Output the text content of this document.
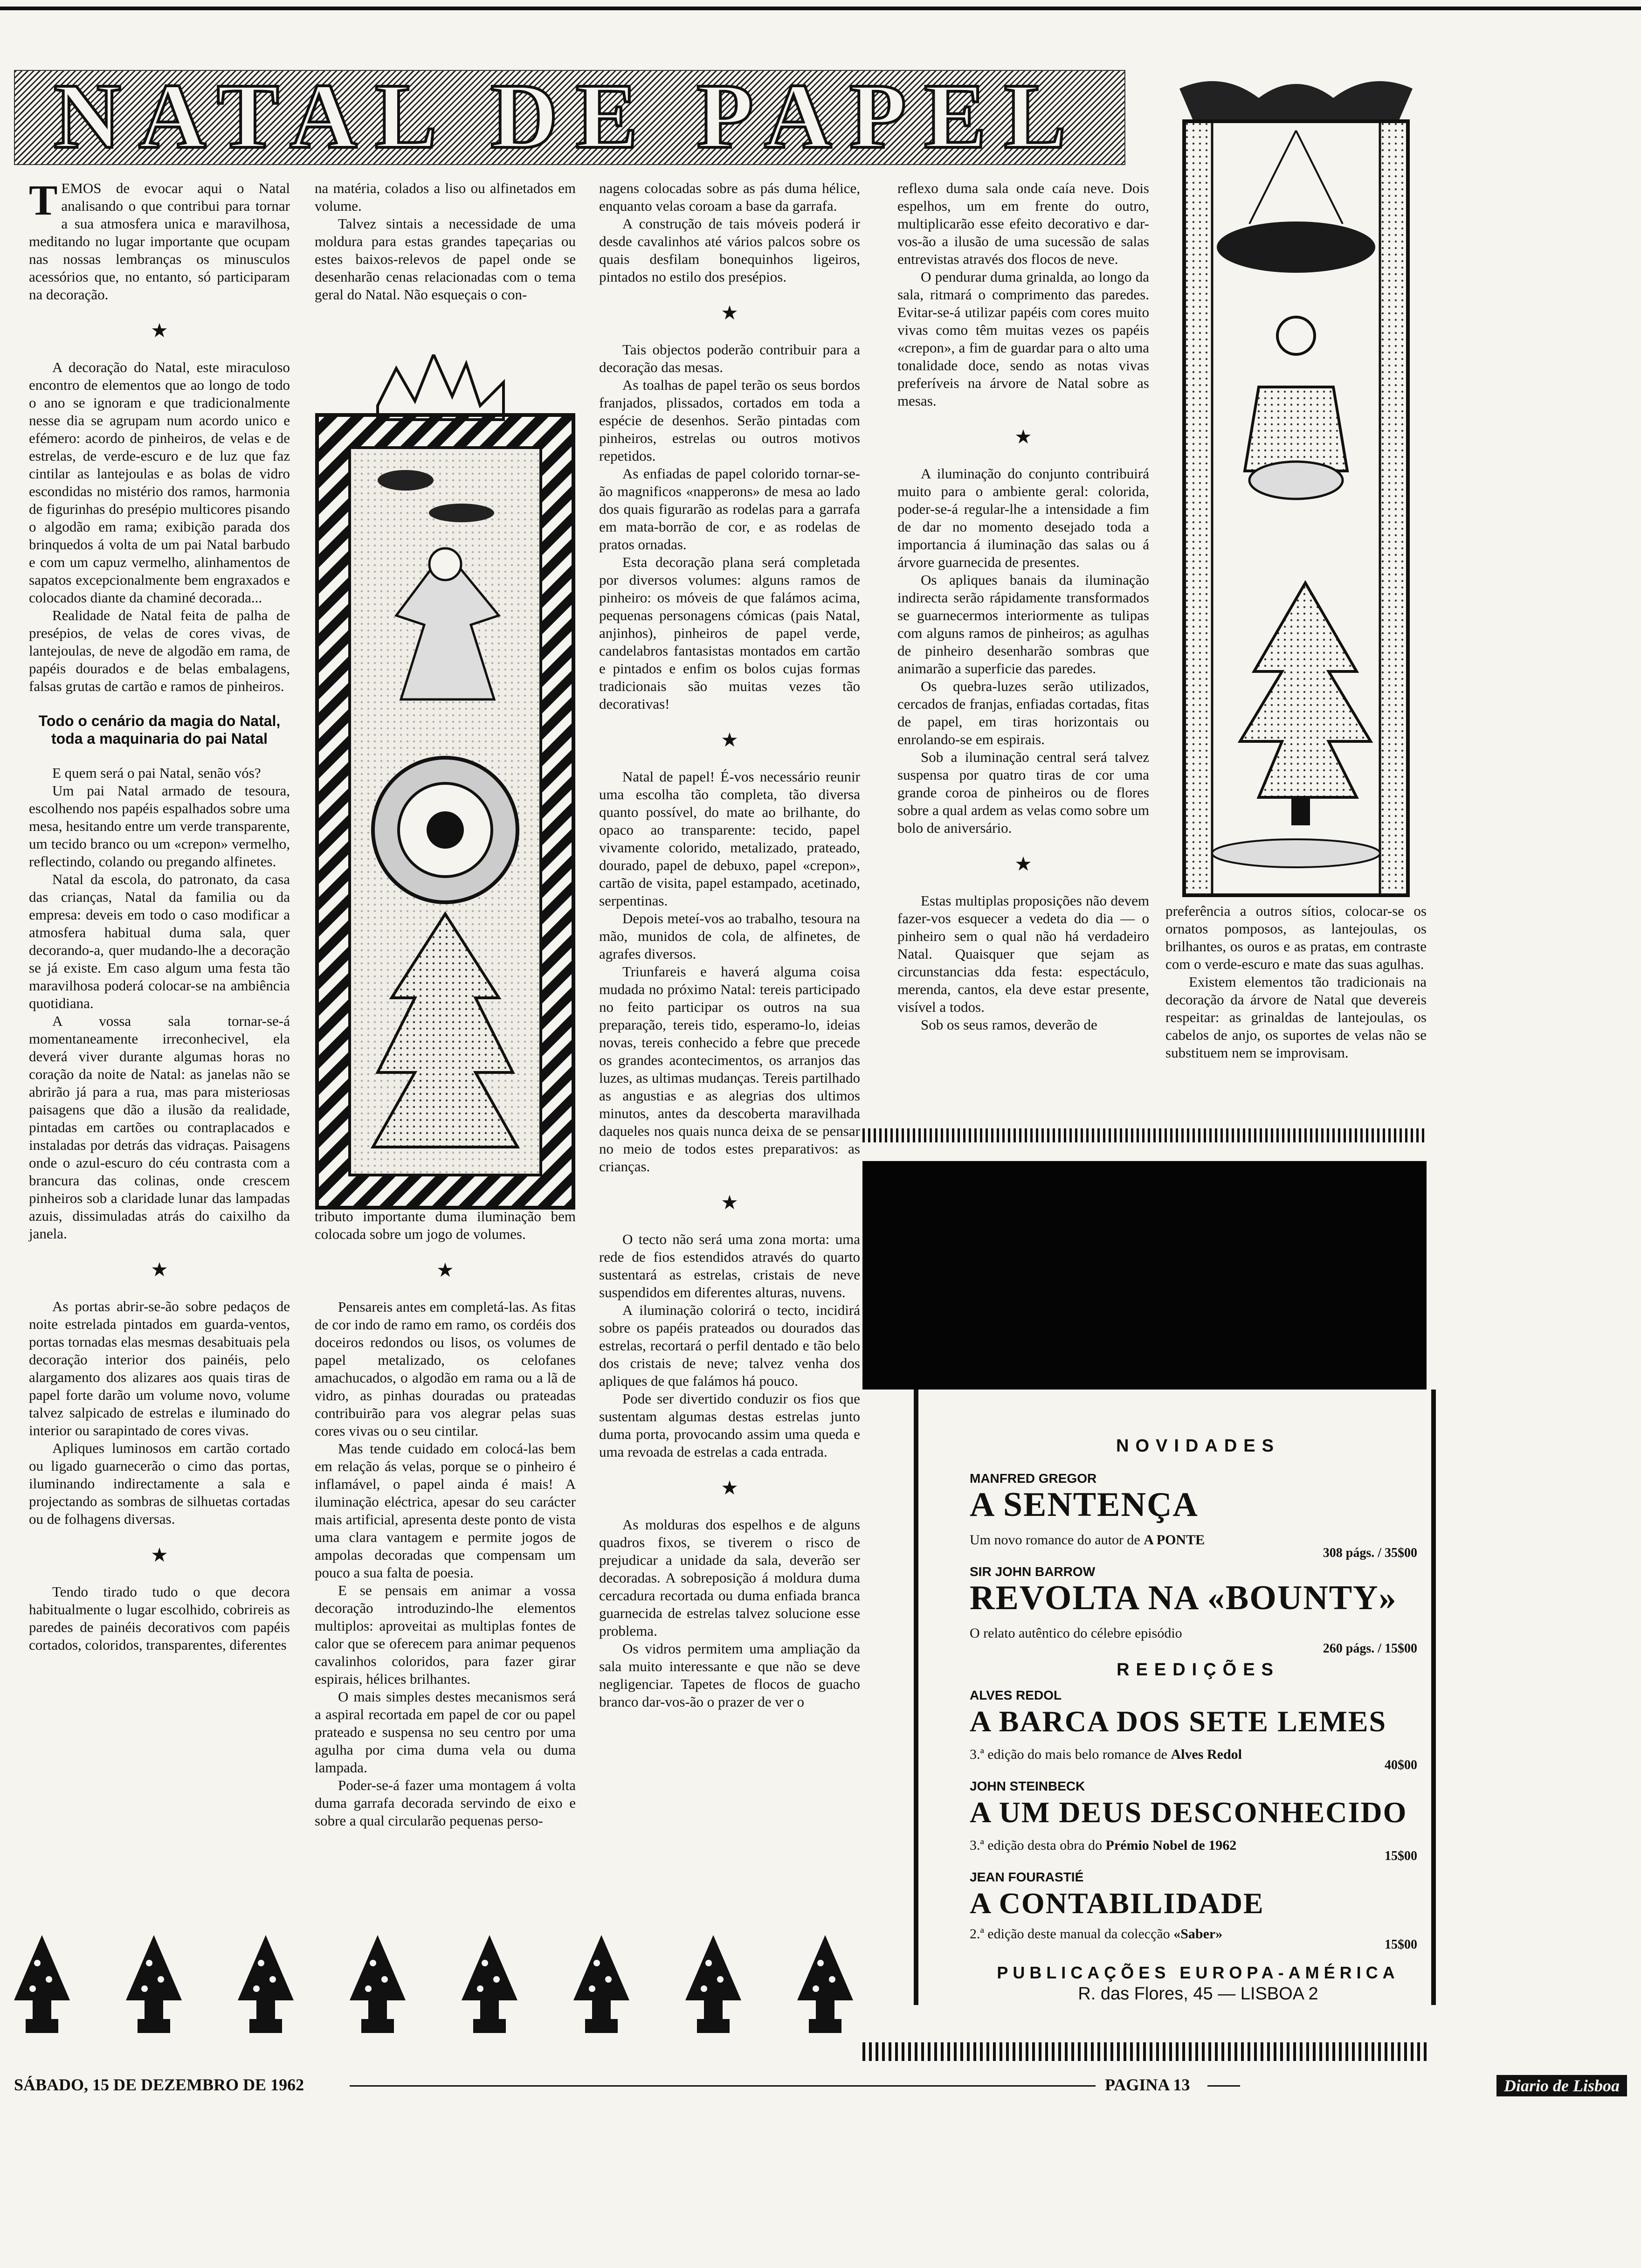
NATAL DE PAPEL

TEMOS de evocar aqui o Natal analisando o que contribui para tornar a sua atmosfera unica e maravilhosa, meditando no lugar importante que ocupam nas nossas lembranças os minusculos acessórios que, no entanto, só participaram na decoração.

★

A decoração do Natal, este miraculoso encontro de elementos que ao longo de todo o ano se ignoram e que tradicionalmente nesse dia se agrupam num acordo unico e efémero: acordo de pinheiros, de velas e de estrelas, de verde-escuro e de luz que faz cintilar as lantejoulas e as bolas de vidro escondidas no mistério dos ramos, harmonia de figurinhas do presépio multicores pisando o algodão em rama; exibição parada dos brinquedos á volta de um pai Natal barbudo e com um capuz vermelho, alinhamentos de sapatos excepcionalmente bem engraxados e colocados diante da chaminé decorada...

Realidade de Natal feita de palha de presépios, de velas de cores vivas, de lantejoulas, de neve de algodão em rama, de papéis dourados e de belas embalagens, falsas grutas de cartão e ramos de pinheiros.

Todo o cenário da magia do Natal, toda a maquinaria do pai Natal

E quem será o pai Natal, senão vós?

Um pai Natal armado de tesoura, escolhendo nos papéis espalhados sobre uma mesa, hesitando entre um verde transparente, um tecido branco ou um «crepon» vermelho, reflectindo, colando ou pregando alfinetes.

Natal da escola, do patronato, da casa das crianças, Natal da familia ou da empresa: deveis em todo o caso modificar a atmosfera habitual duma sala, quer decorando-a, quer mudando-lhe a decoração se já existe. Em caso algum uma festa tão maravilhosa poderá colocar-se na ambiência quotidiana.

A vossa sala tornar-se-á momentaneamente irreconhecivel, ela deverá viver durante algumas horas no coração da noite de Natal: as janelas não se abrirão já para a rua, mas para misteriosas paisagens que dão a ilusão da realidade, pintadas em cartões ou contraplacados e instaladas por detrás das vidraças. Paisagens onde o azul-escuro do céu contrasta com a brancura das colinas, onde crescem pinheiros sob a claridade lunar das lampadas azuis, dissimuladas atrás do caixilho da janela.

★

As portas abrir-se-ão sobre pedaços de noite estrelada pintados em guarda-ventos, portas tornadas elas mesmas desabituais pela decoração interior dos painéis, pelo alargamento dos alizares aos quais tiras de papel forte darão um volume novo, volume talvez salpicado de estrelas e iluminado do interior ou sarapintado de cores vivas.

Apliques luminosos em cartão cortado ou ligado guarnecerão o cimo das portas, iluminando indirectamente a sala e projectando as sombras de silhuetas cortadas ou de folhagens diversas.

★

Tendo tirado tudo o que decora habitualmente o lugar escolhido, cobrireis as paredes de painéis decorativos com papéis cortados, coloridos, transparentes, diferentes

na matéria, colados a liso ou alfinetados em volume.

Talvez sintais a necessidade de uma moldura para estas grandes tapeçarias ou estes baixos-relevos de papel onde se desenharão cenas relacionadas com o tema geral do Natal. Não esqueçais o con-

tributo importante duma iluminação bem colocada sobre um jogo de volumes.

★

Pensareis antes em completá-las. As fitas de cor indo de ramo em ramo, os cordéis dos doceiros redondos ou lisos, os volumes de papel metalizado, os celofanes amachucados, o algodão em rama ou a lã de vidro, as pinhas douradas ou prateadas contribuirão para vos alegrar pelas suas cores vivas ou o seu cintilar.

Mas tende cuidado em colocá-las bem em relação ás velas, porque se o pinheiro é inflamável, o papel ainda é mais! A iluminação eléctrica, apesar do seu carácter mais artificial, apresenta deste ponto de vista uma clara vantagem e permite jogos de ampolas decoradas que compensam um pouco a sua falta de poesia.

E se pensais em animar a vossa decoração introduzindo-lhe elementos multiplos: aproveitai as multiplas fontes de calor que se oferecem para animar pequenos cavalinhos coloridos, para fazer girar espirais, hélices brilhantes.

O mais simples destes mecanismos será a aspiral recortada em papel de cor ou papel prateado e suspensa no seu centro por uma agulha por cima duma vela ou duma lampada.

Poder-se-á fazer uma montagem á volta duma garrafa decorada servindo de eixo e sobre a qual circularão pequenas perso-

nagens colocadas sobre as pás duma hélice, enquanto velas coroam a base da garrafa.

A construção de tais móveis poderá ir desde cavalinhos até vários palcos sobre os quais desfilam bonequinhos ligeiros, pintados no estilo dos presépios.

★

Tais objectos poderão contribuir para a decoração das mesas.

As toalhas de papel terão os seus bordos franjados, plissados, cortados em toda a espécie de desenhos. Serão pintadas com pinheiros, estrelas ou outros motivos repetidos.

As enfiadas de papel colorido tornar-se-ão magnificos «napperons» de mesa ao lado dos quais figurarão as rodelas para a garrafa em mata-borrão de cor, e as rodelas de pratos ornadas.

Esta decoração plana será completada por diversos volumes: alguns ramos de pinheiro: os móveis de que falámos acima, pequenas personagens cómicas (pais Natal, anjinhos), pinheiros de papel verde, candelabros fantasistas montados em cartão e pintados e enfim os bolos cujas formas tradicionais são muitas vezes tão decorativas!

★

Natal de papel! É-vos necessário reunir uma escolha tão completa, tão diversa quanto possível, do mate ao brilhante, do opaco ao transparente: tecido, papel vivamente colorido, metalizado, prateado, dourado, papel de debuxo, papel «crepon», cartão de visita, papel estampado, acetinado, serpentinas.

Depois meteí-vos ao trabalho, tesoura na mão, munidos de cola, de alfinetes, de agrafes diversos.

Triunfareis e haverá alguma coisa mudada no próximo Natal: tereis participado no feito participar os outros na sua preparação, tereis tido, esperamo-lo, ideias novas, tereis conhecido a febre que precede os grandes acontecimentos, os arranjos das luzes, as ultimas mudanças. Tereis partilhado as angustias e as alegrias dos ultimos minutos, antes da descoberta maravilhada daqueles nos quais nunca deixa de se pensar no meio de todos estes preparativos: as crianças.

★

O tecto não será uma zona morta: uma rede de fios estendidos através do quarto sustentará as estrelas, cristais de neve suspendidos em diferentes alturas, nuvens.

A iluminação colorirá o tecto, incidirá sobre os papéis prateados ou dourados das estrelas, recortará o perfil dentado e tão belo dos cristais de neve; talvez venha dos apliques de que falámos há pouco.

Pode ser divertido conduzir os fios que sustentam algumas destas estrelas junto duma porta, provocando assim uma queda e uma revoada de estrelas a cada entrada.

★

As molduras dos espelhos e de alguns quadros fixos, se tiverem o risco de prejudicar a unidade da sala, deverão ser decoradas. A sobreposição á moldura duma cercadura recortada ou duma enfiada branca guarnecida de estrelas talvez solucione esse problema.

Os vidros permitem uma ampliação da sala muito interessante e que não se deve negligenciar. Tapetes de flocos de guacho branco dar-vos-ão o prazer de ver o

reflexo duma sala onde caía neve. Dois espelhos, um em frente do outro, multiplicarão esse efeito decorativo e dar-vos-ão a ilusão de uma sucessão de salas entrevistas através dos flocos de neve.

O pendurar duma grinalda, ao longo da sala, ritmará o comprimento das paredes. Evitar-se-á utilizar papéis com cores muito vivas como têm muitas vezes os papéis «crepon», a fim de guardar para o alto uma tonalidade doce, sendo as notas vivas preferíveis na árvore de Natal sobre as mesas.

★

A iluminação do conjunto contribuirá muito para o ambiente geral: colorida, poder-se-á regular-lhe a intensidade a fim de dar no momento desejado toda a importancia á iluminação das salas ou á árvore guarnecida de presentes.

Os apliques banais da iluminação indirecta serão rápidamente transformados se guarnecermos interiormente as tulipas com alguns ramos de pinheiros; as agulhas de pinheiro desenharão sombras que animarão a superficie das paredes.

Os quebra-luzes serão utilizados, cercados de franjas, enfiadas cortadas, fitas de papel, em tiras horizontais ou enrolando-se em espirais.

Sob a iluminação central será talvez suspensa por quatro tiras de cor uma grande coroa de pinheiros ou de flores sobre a qual ardem as velas como sobre um bolo de aniversário.

★

Estas multiplas proposições não devem fazer-vos esquecer a vedeta do dia — o pinheiro sem o qual não há verdadeiro Natal. Quaisquer que sejam as circunstancias dda festa: espectáculo, merenda, cantos, ela deve estar presente, visível a todos.

Sob os seus ramos, deverão de

preferência a outros sítios, colocar-se os ornatos pomposos, as lantejoulas, os brilhantes, os ouros e as pratas, em contraste com o verde-escuro e mate das suas agulhas.

Existem elementos tão tradicionais na decoração da árvore de Natal que devereis respeitar: as grinaldas de lantejoulas, os cabelos de anjo, os suportes de velas não se substituem nem se improvisam.

NOVIDADES
MANFRED GREGOR
A SENTENÇA
Um novo romance do autor de A PONTE
308 págs. / 35$00
SIR JOHN BARROW
REVOLTA NA «BOUNTY»
O relato autêntico do célebre episódio
260 págs. / 15$00
REEDIÇÕES
ALVES REDOL
A BARCA DOS SETE LEMES
3.ª edição do mais belo romance de Alves Redol
40$00
JOHN STEINBECK
A UM DEUS DESCONHECIDO
3.ª edição desta obra do Prémio Nobel de 1962
15$00
JEAN FOURASTIÉ
A CONTABILIDADE
2.ª edição deste manual da colecção «Saber»
15$00
PUBLICAÇÕES EUROPA-AMÉRICA
R. das Flores, 45 — LISBOA 2
SÁBADO, 15 DE DEZEMBRO DE 1962	PAGINA 13	Diario de Lisboa
